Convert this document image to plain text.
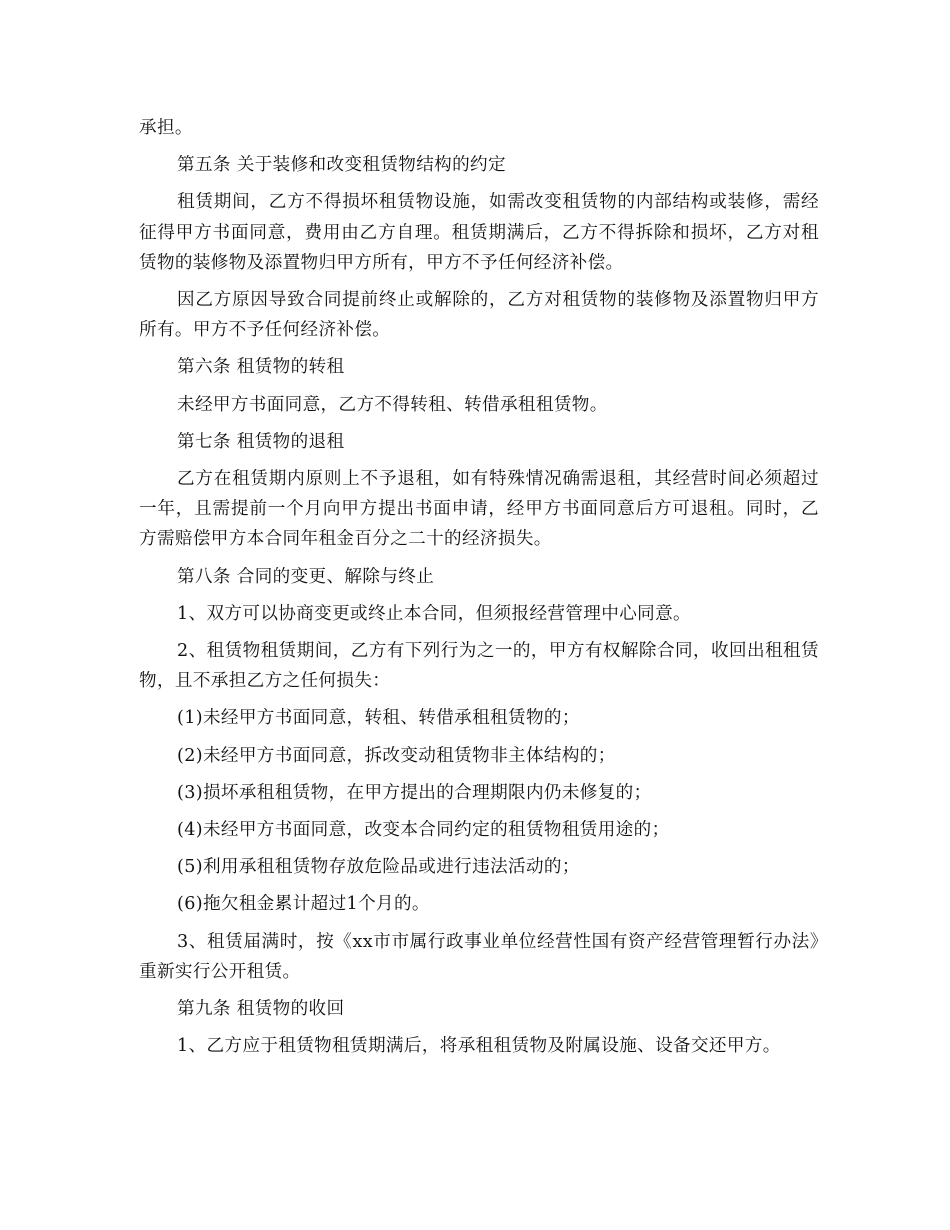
承担。

第五条 关于装修和改变租赁物结构的约定

租赁期间，乙方不得损坏租赁物设施，如需改变租赁物的内部结构或装修，需经征得甲方书面同意，费用由乙方自理。租赁期满后，乙方不得拆除和损坏，乙方对租赁物的装修物及添置物归甲方所有，甲方不予任何经济补偿。

因乙方原因导致合同提前终止或解除的，乙方对租赁物的装修物及添置物归甲方所有。甲方不予任何经济补偿。

第六条 租赁物的转租

未经甲方书面同意，乙方不得转租、转借承租租赁物。

第七条 租赁物的退租

乙方在租赁期内原则上不予退租，如有特殊情况确需退租，其经营时间必须超过一年，且需提前一个月向甲方提出书面申请，经甲方书面同意后方可退租。同时，乙方需赔偿甲方本合同年租金百分之二十的经济损失。

第八条 合同的变更、解除与终止

1、双方可以协商变更或终止本合同，但须报经营管理中心同意。

2、租赁物租赁期间，乙方有下列行为之一的，甲方有权解除合同，收回出租租赁物，且不承担乙方之任何损失：

(1)未经甲方书面同意，转租、转借承租租赁物的；

(2)未经甲方书面同意，拆改变动租赁物非主体结构的；

(3)损坏承租租赁物，在甲方提出的合理期限内仍未修复的；

(4)未经甲方书面同意，改变本合同约定的租赁物租赁用途的；

(5)利用承租租赁物存放危险品或进行违法活动的；

(6)拖欠租金累计超过1个月的。

3、租赁届满时，按《xx市市属行政事业单位经营性国有资产经营管理暂行办法》重新实行公开租赁。

第九条 租赁物的收回

1、乙方应于租赁物租赁期满后，将承租租赁物及附属设施、设备交还甲方。
